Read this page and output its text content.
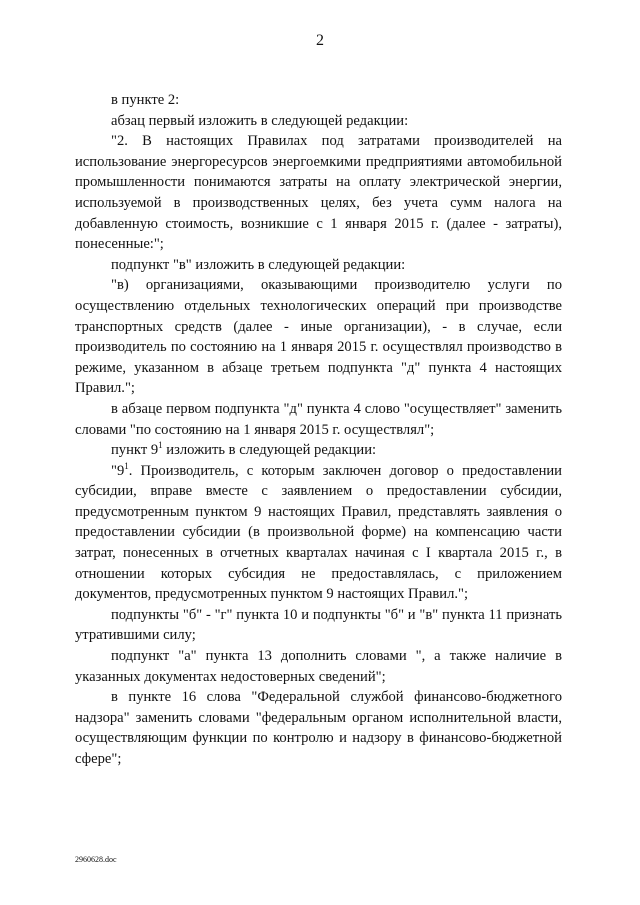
2

в пункте 2:

абзац первый изложить в следующей редакции:

"2. В настоящих Правилах под затратами производителей на использование энергоресурсов энергоемкими предприятиями автомобильной промышленности понимаются затраты на оплату электрической энергии, используемой в производственных целях, без учета сумм налога на добавленную стоимость, возникшие с 1 января 2015 г. (далее - затраты), понесенные:";

подпункт "в" изложить в следующей редакции:

"в) организациями, оказывающими производителю услуги по осуществлению отдельных технологических операций при производстве транспортных средств (далее - иные организации), - в случае, если производитель по состоянию на 1 января 2015 г. осуществлял производство в режиме, указанном в абзаце третьем подпункта "д" пункта 4 настоящих Правил.";

в абзаце первом подпункта "д" пункта 4 слово "осуществляет" заменить словами "по состоянию на 1 января 2015 г. осуществлял";

пункт $9^1$ изложить в следующей редакции:

"$9^1$. Производитель, с которым заключен договор о предоставлении субсидии, вправе вместе с заявлением о предоставлении субсидии, предусмотренным пунктом 9 настоящих Правил, представлять заявления о предоставлении субсидии (в произвольной форме) на компенсацию части затрат, понесенных в отчетных кварталах начиная с I квартала 2015 г., в отношении которых субсидия не предоставлялась, с приложением документов, предусмотренных пунктом 9 настоящих Правил.";

подпункты "б" - "г" пункта 10 и подпункты "б" и "в" пункта 11 признать утратившими силу;

подпункт "а" пункта 13 дополнить словами ", а также наличие в указанных документах недостоверных сведений";

в пункте 16 слова "Федеральной службой финансово-бюджетного надзора" заменить словами "федеральным органом исполнительной власти, осуществляющим функции по контролю и надзору в финансово-бюджетной сфере";

2960628.doc
